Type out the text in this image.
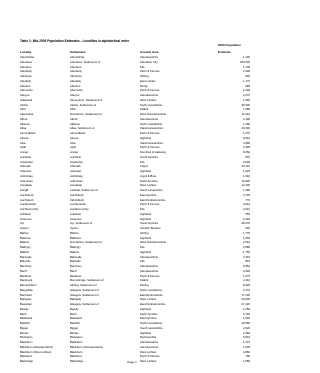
Table 1: Mid-2009 Population Estimates - Localities in alphabetical order
2009 Population
Locality	Settlement	Council Area	Estimate
Aberchirder	Aberchirder	Aberdeenshire	1,230
Aberdeen	Aberdeen, Settlement of	Aberdeen City	183,030
Aberdour	Aberdour	Fife	1,700
Aberfeldy	Aberfeldy	Perth & Kinross	1,930
Aberfoyle	Aberfoyle	Stirling	830
Aberlady	Aberlady	East Lothian	1,170
Aberlour	Aberlour	Moray	890
Abernethy	Abernethy	Perth & Kinross	1,430
Aboyne	Aboyne	Aberdeenshire	2,270
Addiewell	Stoneyburn, Settlement of	West Lothian	1,460
Airdrie	Airdrie, Settlement of	North Lanarkshire	36,930
Airth	Airth	Falkirk	1,680
Alexandria	Dumbarton, Settlement of	West Dunbartonshire	13,210
Alford	Alford	Aberdeenshire	2,190
Allanton	Allanton	North Lanarkshire	1,280
Alloa	Alloa, Settlement of	Clackmannanshire	20,040
Almondbank	Almondbank	Perth & Kinross	1,270
Alness	Alness	Highland	5,610
Alva	Alva	Clackmannanshire	4,990
Alyth	Alyth	Perth & Kinross	2,390
Annan	Annan	Dumfries & Galloway	8,450
Annbank	Annbank	South Ayrshire	870
Anstruther	Anstruther	Fife	3,630
Arbroath	Arbroath	Angus	22,110
Ardersier	Ardersier	Highland	1,020
Ardrishaig	Ardrishaig	Argyll & Bute	1,310
Ardrossan	Ardrossan	North Ayrshire	10,620
Armadale	Armadale	West Lothian	12,330
Ashgill	Larkhall, Settlement of	South Lanarkshire	1,380
Auchinleck	Auchinleck	East Ayrshire	3,720
Auchinloch	Kirkintilloch	East Dunbartonshire	770
Auchterarder	Auchterarder	Perth & Kinross	4,610
Auchtermuchty	Auchtermuchty	Fife	2,010
Auldearn	Auldearn	Highland	550
Aviemore	Aviemore	Highland	2,440
Ayr	Ayr, Settlement of	South Ayrshire	46,070
Aytoun	Aytoun	Scottish Borders	540
Balfron	Balfron	Stirling	1,770
Balintore	Balintore	Highland	1,060
Balloch	Dumbarton, Settlement of	West Dunbartonshire	2,010
Ballingry	Ballingry	Fife	2,980
Balloch	Balloch	Highland	1,750
Balmedie	Balmedie	Aberdeenshire	2,310
Balmullo	Balmullo	Fife	810
Banchory	Banchory	Aberdeenshire	6,950
Banff	Banff	Aberdeenshire	3,930
Bankfoot	Bankfoot	Perth & Kinross	1,070
Banknock	Bonnybridge, Settlement of	Falkirk	2,410
Bannockburn	Stirling, Settlement of	Stirling	8,920
Bargeddie	Glasgow, Settlement of	North Lanarkshire	2,170
Barrhead	Glasgow, Settlement of	East Renfrewshire	17,230
Bathgate	Bathgate	West Lothian	20,830
Bearsden	Glasgow, Settlement of	East Dunbartonshire	27,220
Beauly	Beauly	Highland	1,280
Beith	Beith	North Ayrshire	5,720
Bellsbank	Bellsbank	East Ayrshire	1,020
Bellshill	Bellshill	North Lanarkshire	20,580
Biggar	Biggar	South Lanarkshire	2,020
Birnam	Birnam	Highland	2,360
Bishopton	Bishopton	Renfrewshire	5,510
Blackburn	Blackburn	Aberdeenshire	1,710
Blackburn (Aberdeenshire)	Blackburn (Aberdeenshire)	Aberdeenshire	1,630
Blackburn (West Lothian)	Blackburn	West Lothian	4,860
Blackford	Blackford	Perth & Kinross	790
Blackridge	Blackridge	West Lothian	1,680
Page 1
